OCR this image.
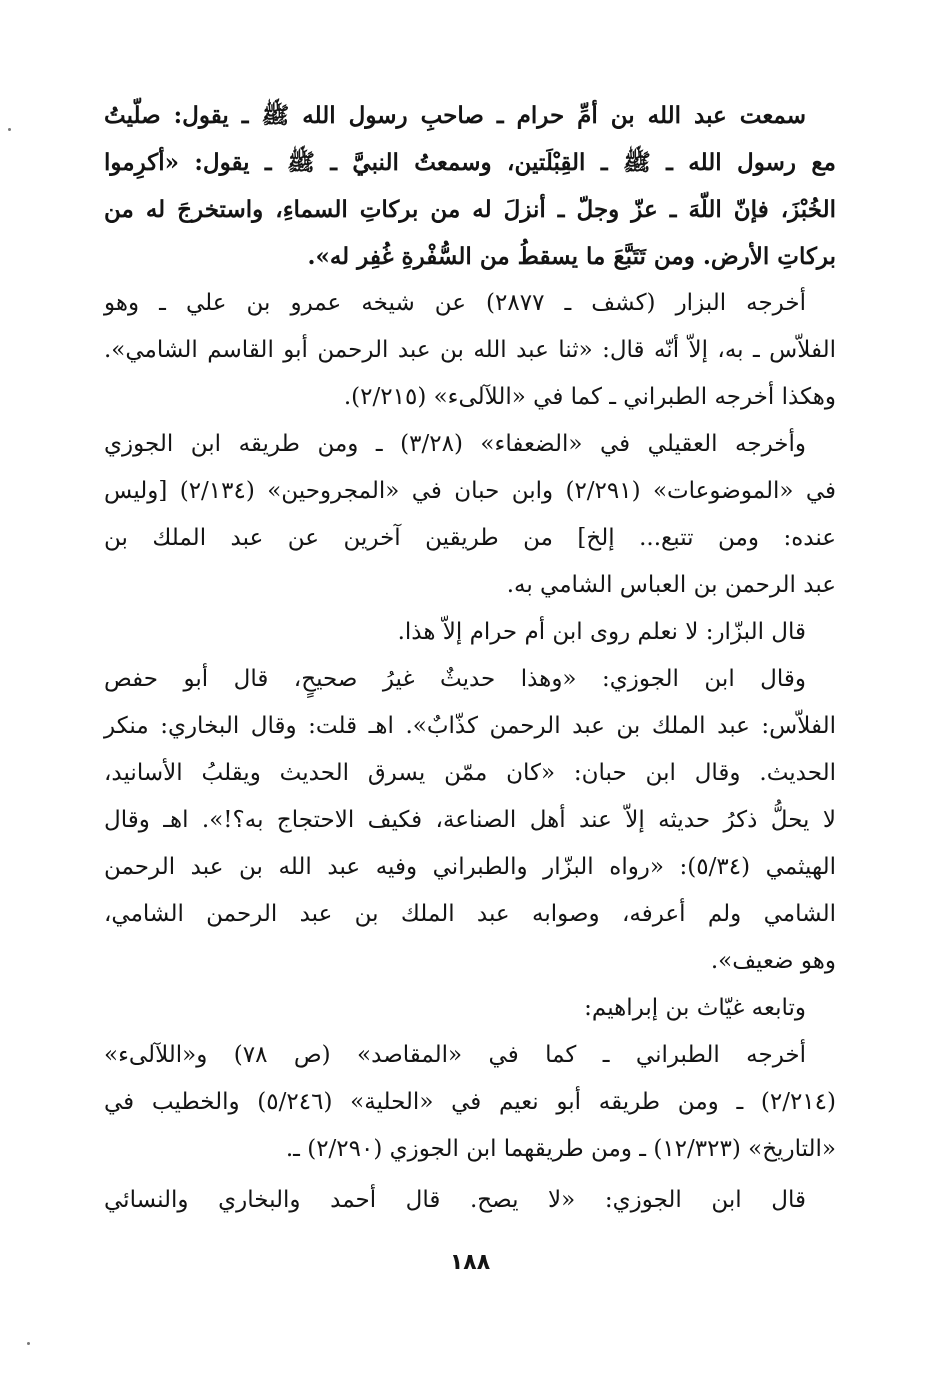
سمعت عبد الله بن أمِّ حرام ـ صاحبِ رسول الله ﷺ ـ يقول: صلّيتُ
مع رسول الله ـ ﷺ ـ القِبْلَتين، وسمعتُ النبيَّ ـ ﷺ ـ يقول: «أكرِموا
الخُبْزَ، فإنّ اللّهَ ـ عزّ وجلّ ـ أنزلَ له من بركاتِ السماءِ، واستخرجَ له من
بركاتِ الأرض. ومن تَتَبَّعَ ما يسقطُ من السُّفْرةِ غُفِر له».
أخرجه البزار (كشف ـ ٢٨٧٧) عن شيخه عمرو بن علي ـ وهو
الفلاّس ـ به، إلاّ أنّه قال: «ثنا عبد الله بن عبد الرحمن أبو القاسم الشامي».
وهكذا أخرجه الطبراني ـ كما في «اللآلىء» (٢/٢١٥).
وأخرجه العقيلي في «الضعفاء» (٣/٢٨) ـ ومن طريقه ابن الجوزي
في «الموضوعات» (٢/٢٩١) وابن حبان في «المجروحين» (٢/١٣٤) [وليس
عنده: ومن تتبع... إلخ] من طريقين آخرين عن عبد الملك بن
عبد الرحمن بن العباس الشامي به.
قال البزّار: لا نعلم روى ابن أم حرام إلاّ هذا.
وقال ابن الجوزي: «وهذا حديثٌ غيرُ صحيحٍ، قال أبو حفص
الفلاّس: عبد الملك بن عبد الرحمن كذّابٌ». اهـ قلت: وقال البخاري: منكر
الحديث. وقال ابن حبان: «كان ممّن يسرق الحديث ويقلبُ الأسانيد،
لا يحلُّ ذكرُ حديثه إلاّ عند أهل الصناعة، فكيف الاحتجاج به؟!». اهـ وقال
الهيثمي (٥/٣٤): «رواه البزّار والطبراني وفيه عبد الله بن عبد الرحمن
الشامي ولم أعرفه، وصوابه عبد الملك بن عبد الرحمن الشامي،
وهو ضعيف».
وتابعه غيّاث بن إبراهيم:
أخرجه الطبراني ـ كما في «المقاصد» (ص ٧٨) و«اللآلىء»
(٢/٢١٤) ـ ومن طريقه أبو نعيم في «الحلية» (٥/٢٤٦) والخطيب في
«التاريخ» (١٢/٣٢٣) ـ ومن طريقهما ابن الجوزي (٢/٢٩٠) ـ.
قال ابن الجوزي: «لا يصح. قال أحمد والبخاري والنسائي
١٨٨
